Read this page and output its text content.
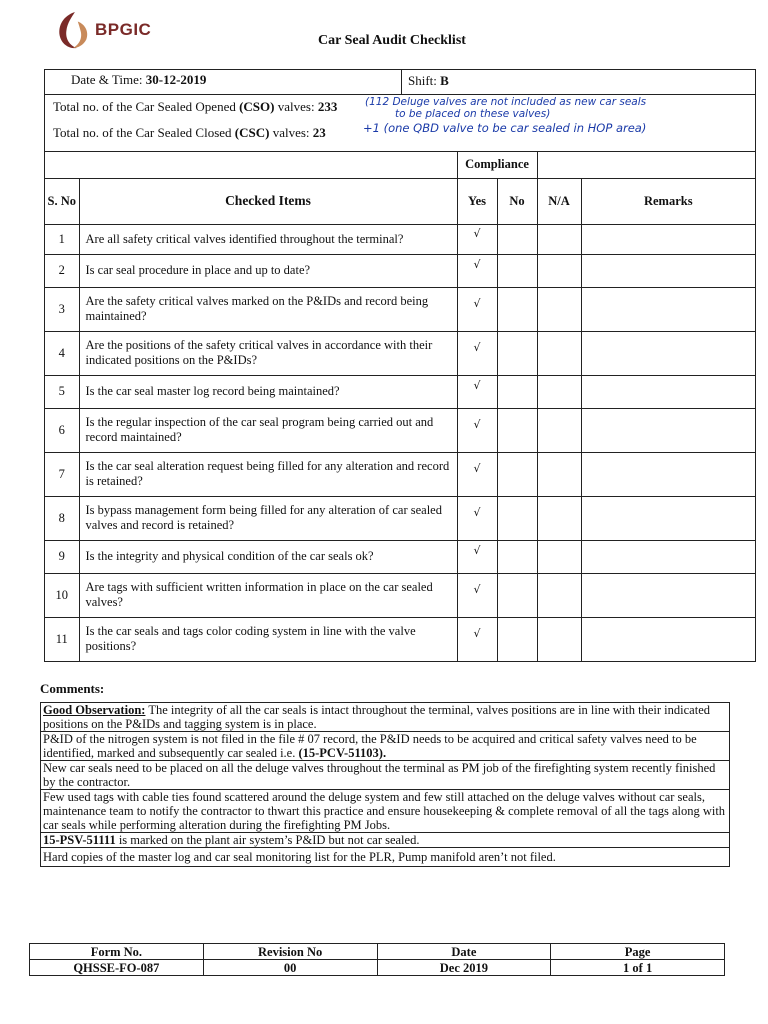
BPGIC
Car Seal Audit Checklist
Date & Time: 30-12-2019	Shift: B
Total no. of the Car Sealed Opened (CSO) valves: 233	(112 Deluge valves are not included as new car seals
to be placed on these valves)
Total no. of the Car Sealed Closed (CSC) valves: 23	+1 (one QBD valve to be car sealed in HOP area)
		Compliance			
S. No	Checked Items	Yes	No	N/A	Remarks
1	Are all safety critical valves identified throughout the terminal?	√			
2	Is car seal procedure in place and up to date?	√			
3	Are the safety critical valves marked on the P&IDs and record being maintained?	√			
4	Are the positions of the safety critical valves in accordance with their indicated positions on the P&IDs?	√			
5	Is the car seal master log record being maintained?	√			
6	Is the regular inspection of the car seal program being carried out and record maintained?	√			
7	Is the car seal alteration request being filled for any alteration and record is retained?	√			
8	Is bypass management form being filled for any alteration of car sealed valves and record is retained?	√			
9	Is the integrity and physical condition of the car seals ok?	√			
10	Are tags with sufficient written information in place on the car sealed valves?	√			
11	Is the car seals and tags color coding system in line with the valve positions?	√			
Comments:
Good Observation: The integrity of all the car seals is intact throughout the terminal, valves positions are in line with their indicated positions on the P&IDs and tagging system is in place.
P&ID of the nitrogen system is not filed in the file # 07 record, the P&ID needs to be acquired and critical safety valves need to be identified, marked and subsequently car sealed i.e. (15-PCV-51103).
New car seals need to be placed on all the deluge valves throughout the terminal as PM job of the firefighting system recently finished by the contractor.
Few used tags with cable ties found scattered around the deluge system and few still attached on the deluge valves without car seals, maintenance team to notify the contractor to thwart this practice and ensure housekeeping & complete removal of all the tags along with car seals while performing alteration during the firefighting PM Jobs.
15-PSV-51111 is marked on the plant air system’s P&ID but not car sealed.
Hard copies of the master log and car seal monitoring list for the PLR, Pump manifold aren’t not filed.
Form No.	Revision No	Date	Page
QHSSE-FO-087	00	Dec 2019	1 of 1
